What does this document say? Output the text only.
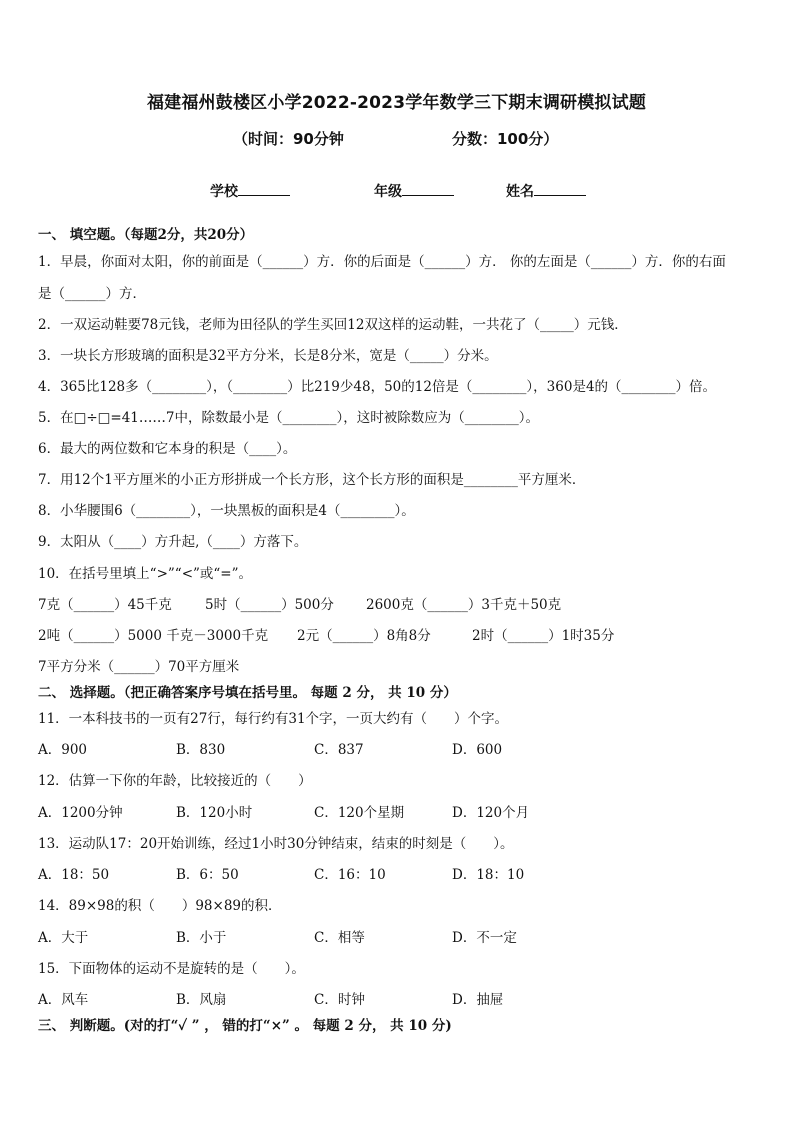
福建福州鼓楼区小学2022-2023学年数学三下期末调研模拟试题
（时间：90分钟	分数：100分）
学校	年级	姓名
一、 填空题。（每题2分，共20分）
1．早晨，你面对太阳，你的前面是（______）方．你的后面是（______）方． 你的左面是（______）方．你的右面
是（______）方．
2．一双运动鞋要78元钱，老师为田径队的学生买回12双这样的运动鞋，一共花了（_____）元钱．
3．一块长方形玻璃的面积是32平方分米，长是8分米，宽是（_____）分米。
4．365比128多（________），（________）比219少48，50的12倍是（________），360是4的（________）倍。
5．在□÷□=41……7中，除数最小是（________），这时被除数应为（________）。
6．最大的两位数和它本身的积是（____）。
7．用12个1平方厘米的小正方形拼成一个长方形，这个长方形的面积是________平方厘米．
8．小华腰围6（________），一块黑板的面积是4（________）。
9．太阳从（____）方升起,（____）方落下。
10．在括号里填上“>”“<”或“=”。
7克（______）45千克 5时（______）500分 2600克（______）3千克＋50克
2吨（______）5000 千克－3000千克 2元（______）8角8分	2时（______）1时35分
7平方分米（______）70平方厘米
二、 选择题。（把正确答案序号填在括号里。 每题 2 分， 共 10 分）
11．一本科技书的一页有27行，每行约有31个字，一页大约有（　　）个字。
A．900	B．830	C．837	D．600
12．估算一下你的年龄，比较接近的（　　）
A．1200分钟	B．120小时	C．120个星期	D．120个月
13．运动队17：20开始训练，经过1小时30分钟结束，结束的时刻是（　　）。
A．18：50	B．6：50	C．16：10	D．18：10
14．89×98的积（　　）98×89的积．
A．大于	B．小于	C．相等	D．不一定
15．下面物体的运动不是旋转的是（　　）。
A．风车	B．风扇	C．时钟	D．抽屉
三、 判断题。(对的打“✓ ” ， 错的打“×” 。 每题 2 分， 共 10 分)
